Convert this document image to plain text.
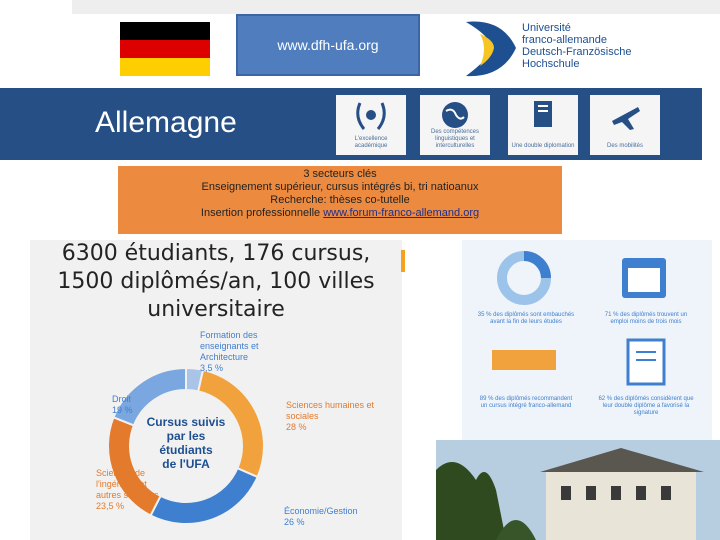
www.dfh-ufa.org
Université
franco-allemande
Deutsch-Französische
Hochschule
Allemagne	L'excellence académique
Des compétences linguistiques et interculturelles	Une double diplomation	Des mobilités
3 secteurs clés
Enseignement supérieur, cursus intégrés bi, tri natioanux
Recherche: thèses co-tutelle
Insertion professionnelle www.forum-franco-allemand.org
6300 étudiants, 176 cursus,
1500 diplômés/an, 100 villes
universitaire
Formation des
enseignants et
Architecture
3,5 %
Sciences humaines et
sociales
28 %
Économie/Gestion
26 %
Sciences de
l'ingénieur et
autres sciences
23,5 %
Droit
19 %
Cursus suivis
par les
étudiants
de l'UFA
35 % des diplômés sont embauchés avant la fin de leurs études
71 % des diplômés trouvent un emploi moins de trois mois
89 % des diplômés recommandent un cursus intégré franco-allemand
62 % des diplômés considèrent que leur double diplôme a favorisé la signature
